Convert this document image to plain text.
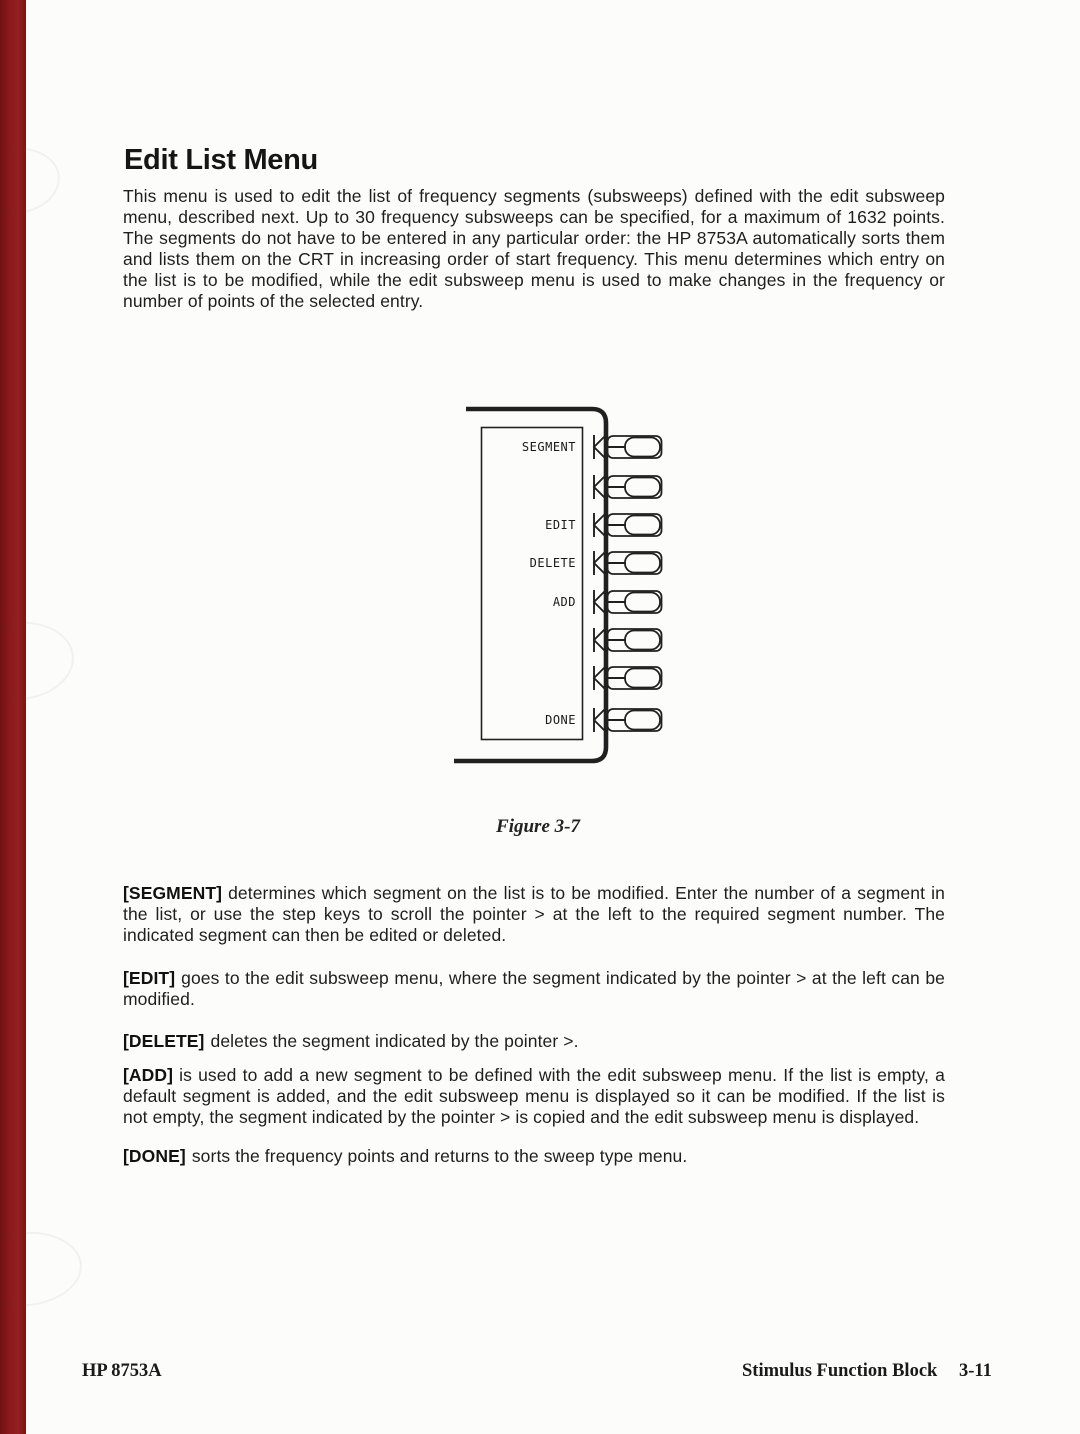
Edit List Menu
This menu is used to edit the list of frequency segments (subsweeps) defined with the edit subsweep menu, described next. Up to 30 frequency subsweeps can be specified, for a maximum of 1632 points. The segments do not have to be entered in any particular order: the HP 8753A automatically sorts them and lists them on the CRT in increasing order of start frequency. This menu determines which entry on the list is to be modified, while the edit subsweep menu is used to make changes in the frequency or number of points of the selected entry.
SEGMENT
EDIT
DELETE
ADD
DONE
Figure 3-7

[SEGMENT] determines which segment on the list is to be modified. Enter the number of a segment in the list, or use the step keys to scroll the pointer > at the left to the required segment number. The indicated segment can then be edited or deleted.

[EDIT] goes to the edit subsweep menu, where the segment indicated by the pointer > at the left can be modified.

[DELETE] deletes the segment indicated by the pointer >.

[ADD] is used to add a new segment to be defined with the edit subsweep menu. If the list is empty, a default segment is added, and the edit subsweep menu is displayed so it can be modified. If the list is not empty, the segment indicated by the pointer > is copied and the edit subsweep menu is displayed.

[DONE] sorts the frequency points and returns to the sweep type menu.

HP 8753A	Stimulus Function Block 3-11
